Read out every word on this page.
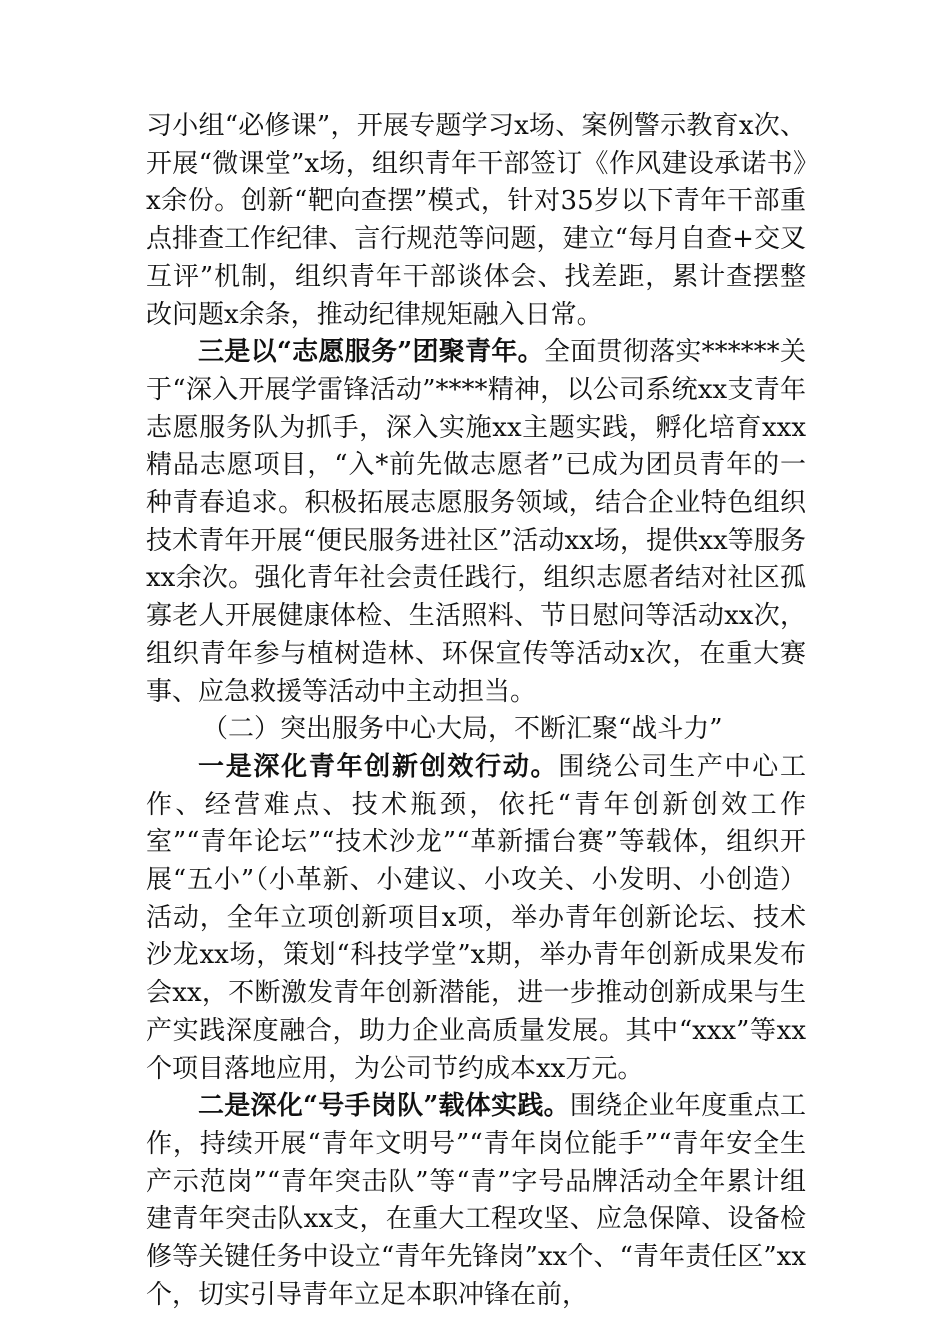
习小组“必修课”，开展专题学习x场、案例警示教育x次、开展“微课堂”x场，组织青年干部签订《作风建设承诺书》x余份。创新“靶向查摆”模式，针对35岁以下青年干部重点排查工作纪律、言行规范等问题，建立“每月自查+交叉互评”机制，组织青年干部谈体会、找差距，累计查摆整改问题x余条，推动纪律规矩融入日常。

三是以“志愿服务”团聚青年。全面贯彻落实******关于“深入开展学雷锋活动”****精神，以公司系统xx支青年志愿服务队为抓手，深入实施xx主题实践，孵化培育xxx精品志愿项目，“入*前先做志愿者”已成为团员青年的一种青春追求。积极拓展志愿服务领域，结合企业特色组织技术青年开展“便民服务进社区”活动xx场，提供xx等服务xx余次。强化青年社会责任践行，组织志愿者结对社区孤寡老人开展健康体检、生活照料、节日慰问等活动xx次，组织青年参与植树造林、环保宣传等活动x次，在重大赛事、应急救援等活动中主动担当。

（二）突出服务中心大局，不断汇聚“战斗力”

一是深化青年创新创效行动。围绕公司生产中心工作、经营难点、技术瓶颈，依托“青年创新创效工作室”“青年论坛”“技术沙龙”“革新擂台赛”等载体，组织开展“五小”（小革新、小建议、小攻关、小发明、小创造）活动，全年立项创新项目x项，举办青年创新论坛、技术沙龙xx场，策划“科技学堂”x期，举办青年创新成果发布会xx，不断激发青年创新潜能，进一步推动创新成果与生产实践深度融合，助力企业高质量发展。其中“xxx”等xx个项目落地应用，为公司节约成本xx万元。

二是深化“号手岗队”载体实践。围绕企业年度重点工作，持续开展“青年文明号”“青年岗位能手”“青年安全生产示范岗”“青年突击队”等“青”字号品牌活动全年累计组建青年突击队xx支，在重大工程攻坚、应急保障、设备检修等关键任务中设立“青年先锋岗”xx个、“青年责任区”xx个，切实引导青年立足本职冲锋在前，
